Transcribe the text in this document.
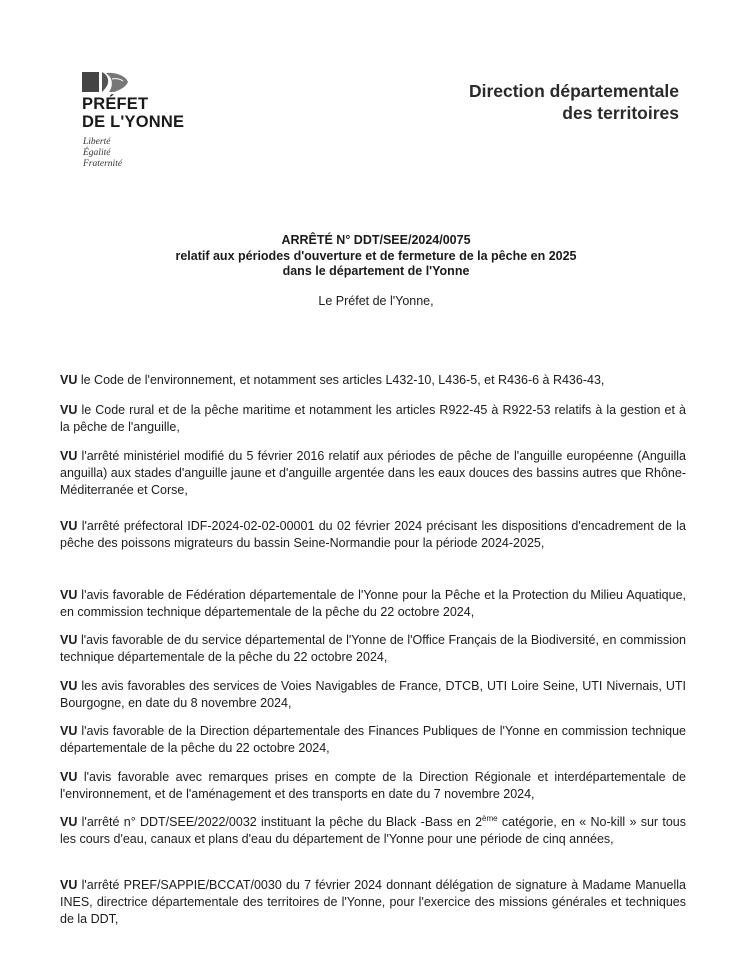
PRÉFET
DE L'YONNE
Liberté
Égalité
Fraternité
Direction départementale
des territoires
ARRÊTÉ N° DDT/SEE/2024/0075
relatif aux périodes d'ouverture et de fermeture de la pêche en 2025
dans le département de l'Yonne
Le Préfet de l'Yonne,

VU le Code de l'environnement, et notamment ses articles L432-10, L436-5, et R436-6 à R436-43,

VU le Code rural et de la pêche maritime et notamment les articles R922-45 à R922-53 relatifs à la gestion et à la pêche de l'anguille,

VU l'arrêté ministériel modifié du 5 février 2016 relatif aux périodes de pêche de l'anguille européenne (Anguilla anguilla) aux stades d'anguille jaune et d'anguille argentée dans les eaux douces des bassins autres que Rhône-Méditerranée et Corse,

VU l'arrêté préfectoral IDF-2024-02-02-00001 du 02 février 2024 précisant les dispositions d'encadrement de la pêche des poissons migrateurs du bassin Seine-Normandie pour la période 2024-2025,

VU l'avis favorable de Fédération départementale de l'Yonne pour la Pêche et la Protection du Milieu Aquatique, en commission technique départementale de la pêche du 22 octobre 2024,

VU l'avis favorable de du service départemental de l'Yonne de l'Office Français de la Biodiversité, en commission technique départementale de la pêche du 22 octobre 2024,

VU les avis favorables des services de Voies Navigables de France, DTCB, UTI Loire Seine, UTI Nivernais, UTI Bourgogne, en date du 8 novembre 2024,

VU l'avis favorable de la Direction départementale des Finances Publiques de l'Yonne en commission technique départementale de la pêche du 22 octobre 2024,

VU l'avis favorable avec remarques prises en compte de la Direction Régionale et interdépartementale de l'environnement, et de l'aménagement et des transports en date du 7 novembre 2024,

VU l'arrêté n° DDT/SEE/2022/0032 instituant la pêche du Black -Bass en 2ème catégorie, en « No-kill » sur tous les cours d'eau, canaux et plans d'eau du département de l'Yonne pour une période de cinq années,

VU l'arrêté PREF/SAPPIE/BCCAT/0030 du 7 février 2024 donnant délégation de signature à Madame Manuella INES, directrice départementale des territoires de l'Yonne, pour l'exercice des missions générales et techniques de la DDT,
